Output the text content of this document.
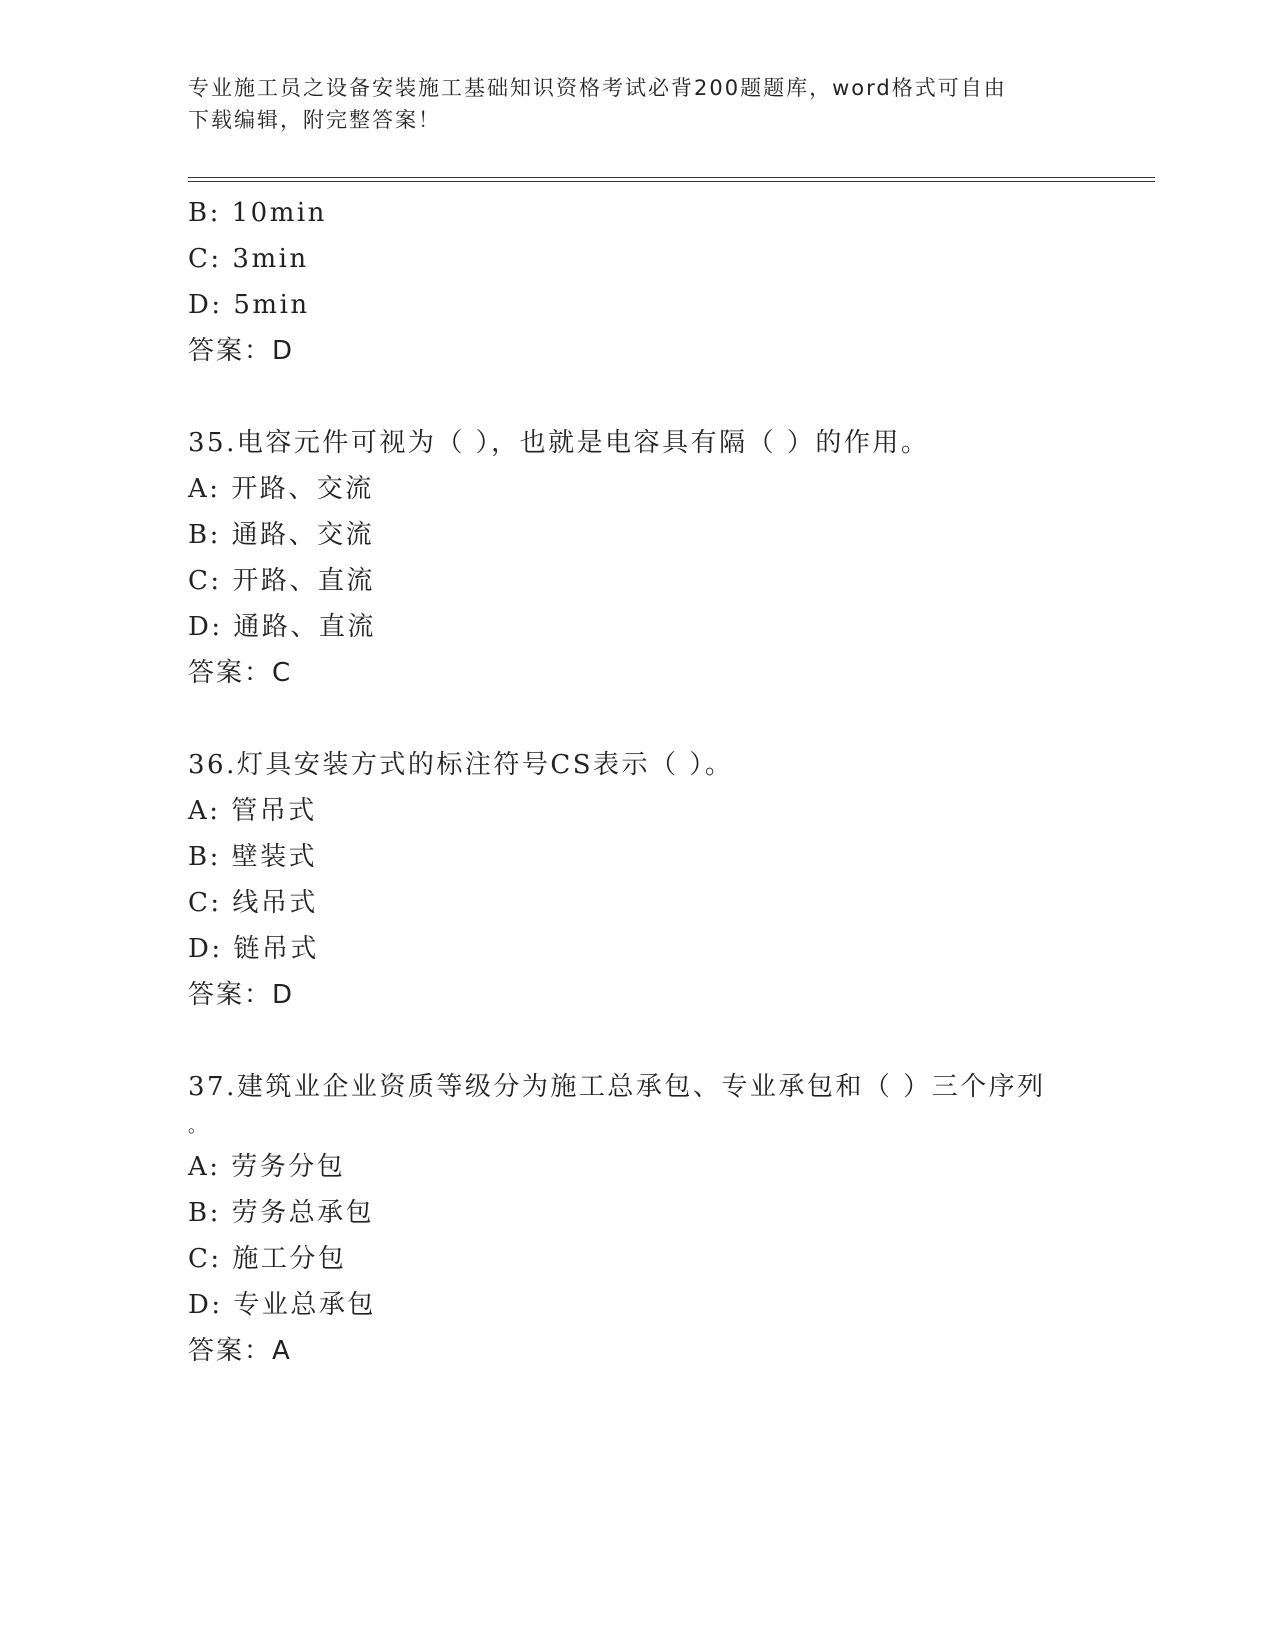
专业施工员之设备安装施工基础知识资格考试必背200题题库，word格式可自由
下载编辑，附完整答案！
B: 10min
C: 3min
D: 5min
答案：D
35.电容元件可视为（ ），也就是电容具有隔（ ）的作用。
A: 开路、交流
B: 通路、交流
C: 开路、直流
D: 通路、直流
答案：C
36.灯具安装方式的标注符号CS表示（ ）。
A: 管吊式
B: 壁装式
C: 线吊式
D: 链吊式
答案：D
37.建筑业企业资质等级分为施工总承包、专业承包和（ ）三个序列
。
A: 劳务分包
B: 劳务总承包
C: 施工分包
D: 专业总承包
答案：A
